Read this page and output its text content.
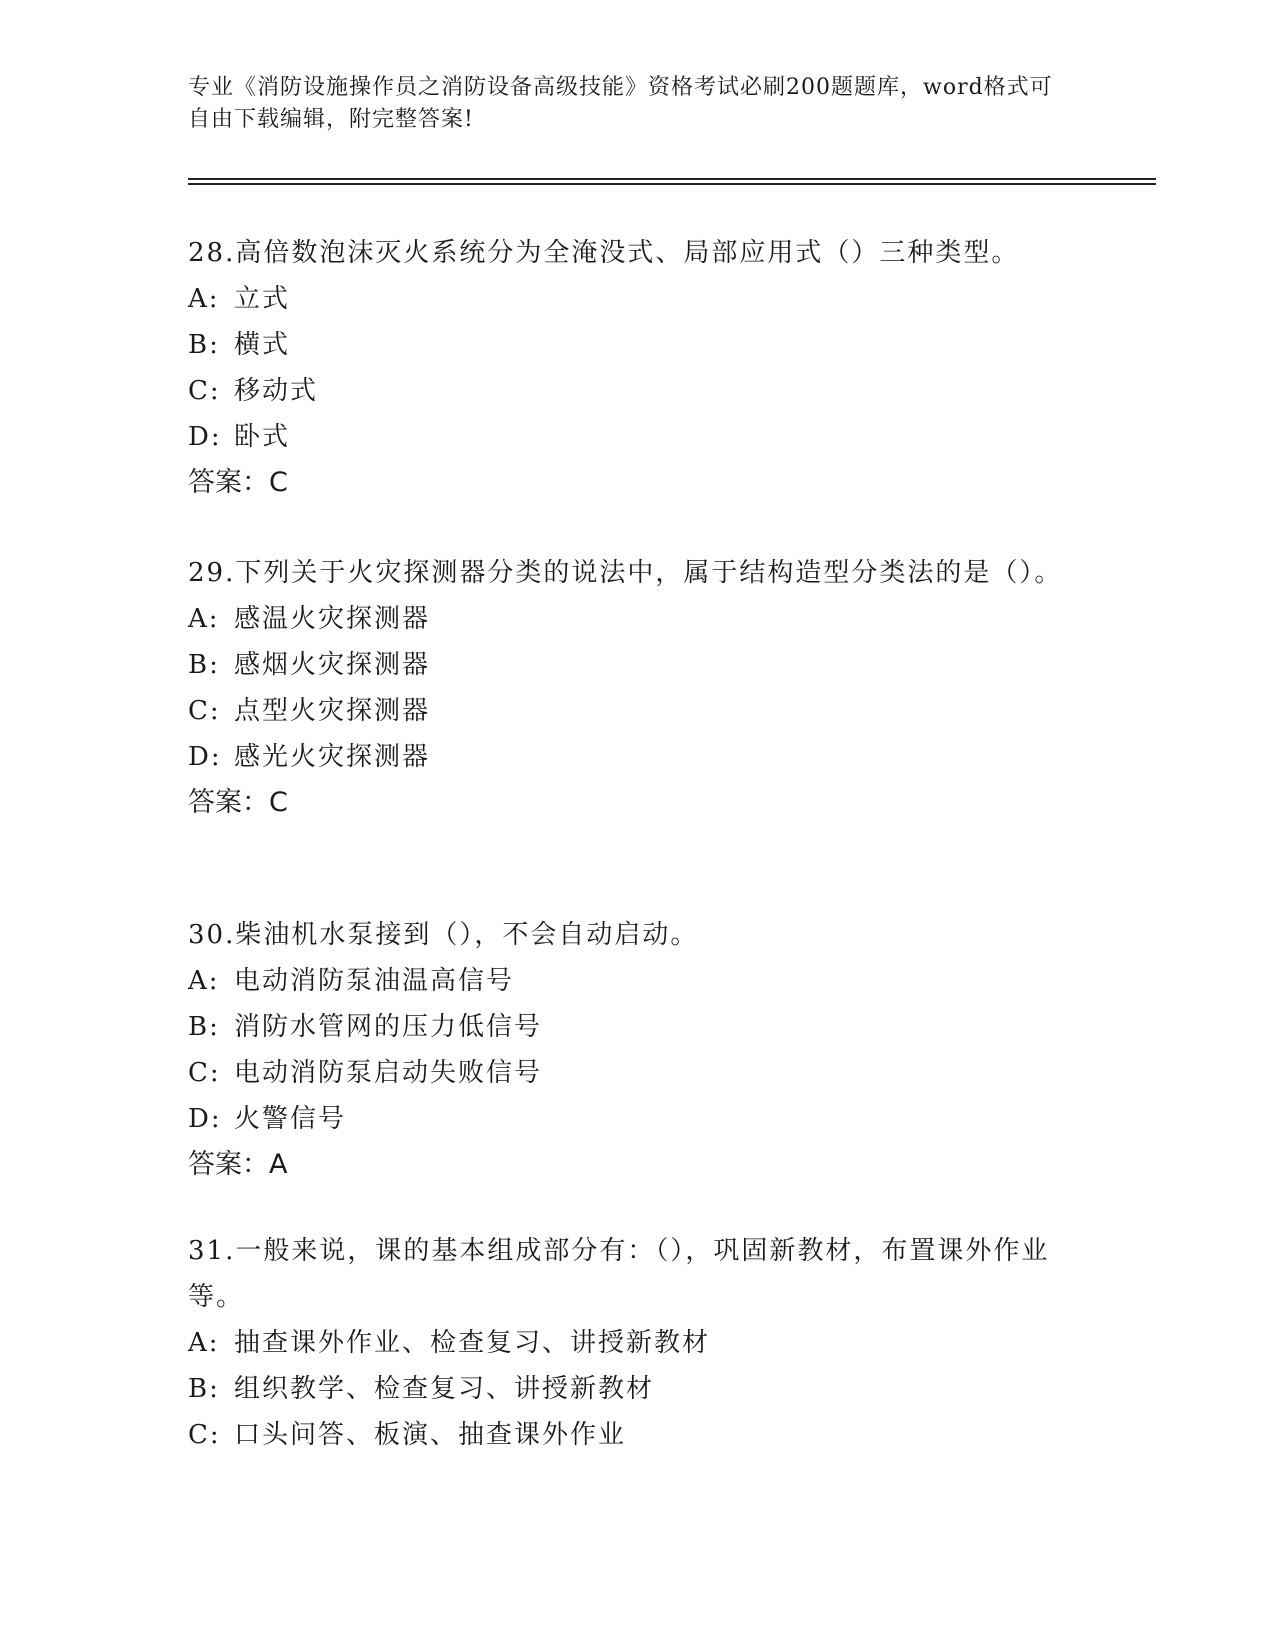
专业《消防设施操作员之消防设备高级技能》资格考试必刷200题题库，word格式可自由下载编辑，附完整答案!
28.高倍数泡沫灭火系统分为全淹没式、局部应用式（）三种类型。
A: 立式
B: 横式
C: 移动式
D: 卧式
答案：C
29.下列关于火灾探测器分类的说法中，属于结构造型分类法的是（）。
A: 感温火灾探测器
B: 感烟火灾探测器
C: 点型火灾探测器
D: 感光火灾探测器
答案：C
30.柴油机水泵接到（），不会自动启动。
A: 电动消防泵油温高信号
B: 消防水管网的压力低信号
C: 电动消防泵启动失败信号
D: 火警信号
答案：A
31.一般来说，课的基本组成部分有：（），巩固新教材，布置课外作业等。
A: 抽查课外作业、检查复习、讲授新教材
B: 组织教学、检查复习、讲授新教材
C: 口头问答、板演、抽查课外作业
